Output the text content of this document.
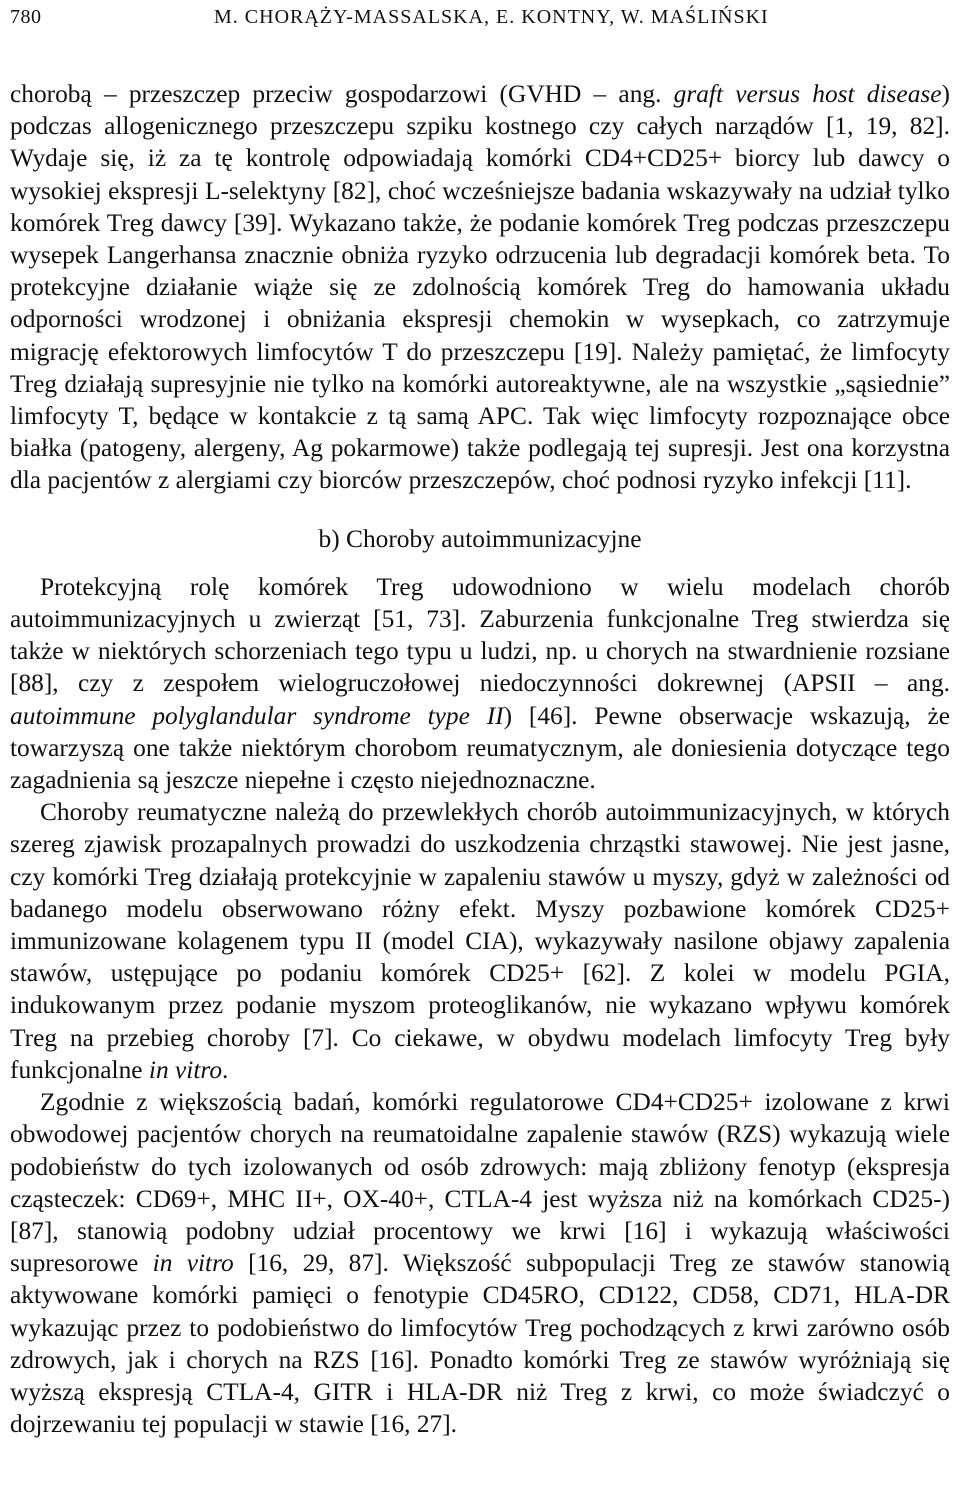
780	M. CHORĄŻY-MASSALSKA, E. KONTNY, W. MAŚLIŃSKI

chorobą – przeszczep przeciw gospodarzowi (GVHD – ang. graft versus host disease) podczas allogenicznego przeszczepu szpiku kostnego czy całych narządów [1, 19, 82]. Wydaje się, iż za tę kontrolę odpowiadają komórki CD4+CD25+ biorcy lub dawcy o wysokiej ekspresji L-selektyny [82], choć wcześniejsze badania wskazywały na udział tylko komórek Treg dawcy [39]. Wykazano także, że podanie komórek Treg podczas przeszczepu wysepek Langerhansa znacznie obniża ryzyko odrzucenia lub degradacji komórek beta. To protekcyjne działanie wiąże się ze zdolnością komórek Treg do hamowania układu odporności wrodzonej i obniżania ekspresji chemokin w wysepkach, co zatrzymuje migrację efektorowych limfocytów T do przeszczepu [19]. Należy pamiętać, że limfocyty Treg działają supresyjnie nie tylko na komórki autoreaktywne, ale na wszystkie „sąsiednie” limfocyty T, będące w kontakcie z tą samą APC. Tak więc limfocyty rozpoznające obce białka (patogeny, alergeny, Ag pokarmowe) także podlegają tej supresji. Jest ona korzystna dla pacjentów z alergiami czy biorców przeszczepów, choć podnosi ryzyko infekcji [11].

b) Choroby autoimmunizacyjne

Protekcyjną rolę komórek Treg udowodniono w wielu modelach chorób autoimmunizacyjnych u zwierząt [51, 73]. Zaburzenia funkcjonalne Treg stwierdza się także w niektórych schorzeniach tego typu u ludzi, np. u chorych na stwardnienie rozsiane [88], czy z zespołem wielogruczołowej niedoczynności dokrewnej (APSII – ang. autoimmune polyglandular syndrome type II) [46]. Pewne obserwacje wskazują, że towarzyszą one także niektórym chorobom reumatycznym, ale doniesienia dotyczące tego zagadnienia są jeszcze niepełne i często niejednoznaczne.

Choroby reumatyczne należą do przewlekłych chorób autoimmunizacyjnych, w których szereg zjawisk prozapalnych prowadzi do uszkodzenia chrząstki stawowej. Nie jest jasne, czy komórki Treg działają protekcyjnie w zapaleniu stawów u myszy, gdyż w zależności od badanego modelu obserwowano różny efekt. Myszy pozbawione komórek CD25+ immunizowane kolagenem typu II (model CIA), wykazywały nasilone objawy zapalenia stawów, ustępujące po podaniu komórek CD25+ [62]. Z kolei w modelu PGIA, indukowanym przez podanie myszom proteoglikanów, nie wykazano wpływu komórek Treg na przebieg choroby [7]. Co ciekawe, w obydwu modelach limfocyty Treg były funkcjonalne in vitro.

Zgodnie z większością badań, komórki regulatorowe CD4+CD25+ izolowane z krwi obwodowej pacjentów chorych na reumatoidalne zapalenie stawów (RZS) wykazują wiele podobieństw do tych izolowanych od osób zdrowych: mają zbliżony fenotyp (ekspresja cząsteczek: CD69+, MHC II+, OX-40+, CTLA-4 jest wyższa niż na komórkach CD25-) [87], stanowią podobny udział procentowy we krwi [16] i wykazują właściwości supresorowe in vitro [16, 29, 87]. Większość subpopulacji Treg ze stawów stanowią aktywowane komórki pamięci o fenotypie CD45RO, CD122, CD58, CD71, HLA-DR wykazując przez to podobieństwo do limfocytów Treg pochodzących z krwi zarówno osób zdrowych, jak i chorych na RZS [16]. Ponadto komórki Treg ze stawów wyróżniają się wyższą ekspresją CTLA-4, GITR i HLA-DR niż Treg z krwi, co może świadczyć o dojrzewaniu tej populacji w stawie [16, 27].
